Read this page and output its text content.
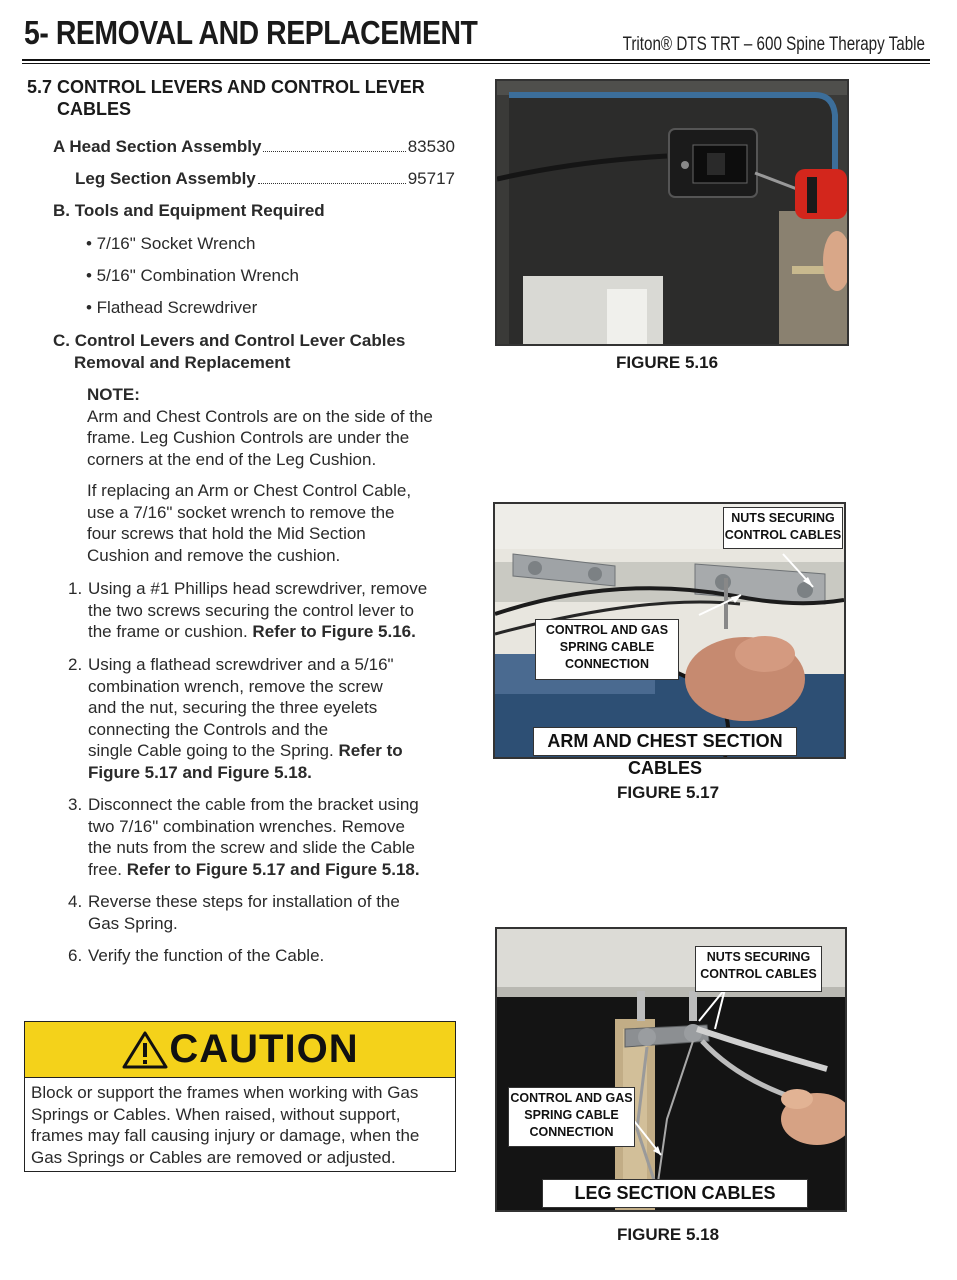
5- REMOVAL AND REPLACEMENT	Triton® DTS TRT – 600 Spine Therapy Table
5.7 CONTROL LEVERS AND CONTROL LEVER
CABLES
A Head Section Assembly	83530
Leg Section Assembly	95717
B. Tools and Equipment Required
• 7/16" Socket Wrench
• 5/16" Combination Wrench
• Flathead Screwdriver
C. Control Levers and Control Lever Cables
Removal and Replacement
NOTE:
Arm and Chest Controls are on the side of the
frame. Leg Cushion Controls are under the
corners at the end of the Leg Cushion.
If replacing an Arm or Chest Control Cable,
use a 7/16" socket wrench to remove the
four screws that hold the Mid Section
Cushion and remove the cushion.
1. Using a #1 Phillips head screwdriver, remove
the two screws securing the control lever to
the frame or cushion. Refer to Figure 5.16.
2. Using a flathead screwdriver and a 5/16"
combination wrench, remove the screw
and the nut, securing the three eyelets
connecting the Controls and the
single Cable going to the Spring. Refer to
Figure 5.17 and Figure 5.18.
3. Disconnect the cable from the bracket using
two 7/16" combination wrenches. Remove
the nuts from the screw and slide the Cable
free. Refer to Figure 5.17 and Figure 5.18.
4. Reverse these steps for installation of the
Gas Spring.
6. Verify the function of the Cable.
CAUTION
Block or support the frames when working with Gas
Springs or Cables. When raised, without support,
frames may fall causing injury or damage, when the
Gas Springs or Cables are removed or adjusted.
FIGURE 5.16
NUTS SECURING
CONTROL CABLES
CONTROL AND GAS
SPRING CABLE
CONNECTION
ARM AND CHEST SECTION CABLES
FIGURE 5.17
NUTS SECURING
CONTROL CABLES
CONTROL AND GAS
SPRING CABLE
CONNECTION
LEG SECTION CABLES
FIGURE 5.18
